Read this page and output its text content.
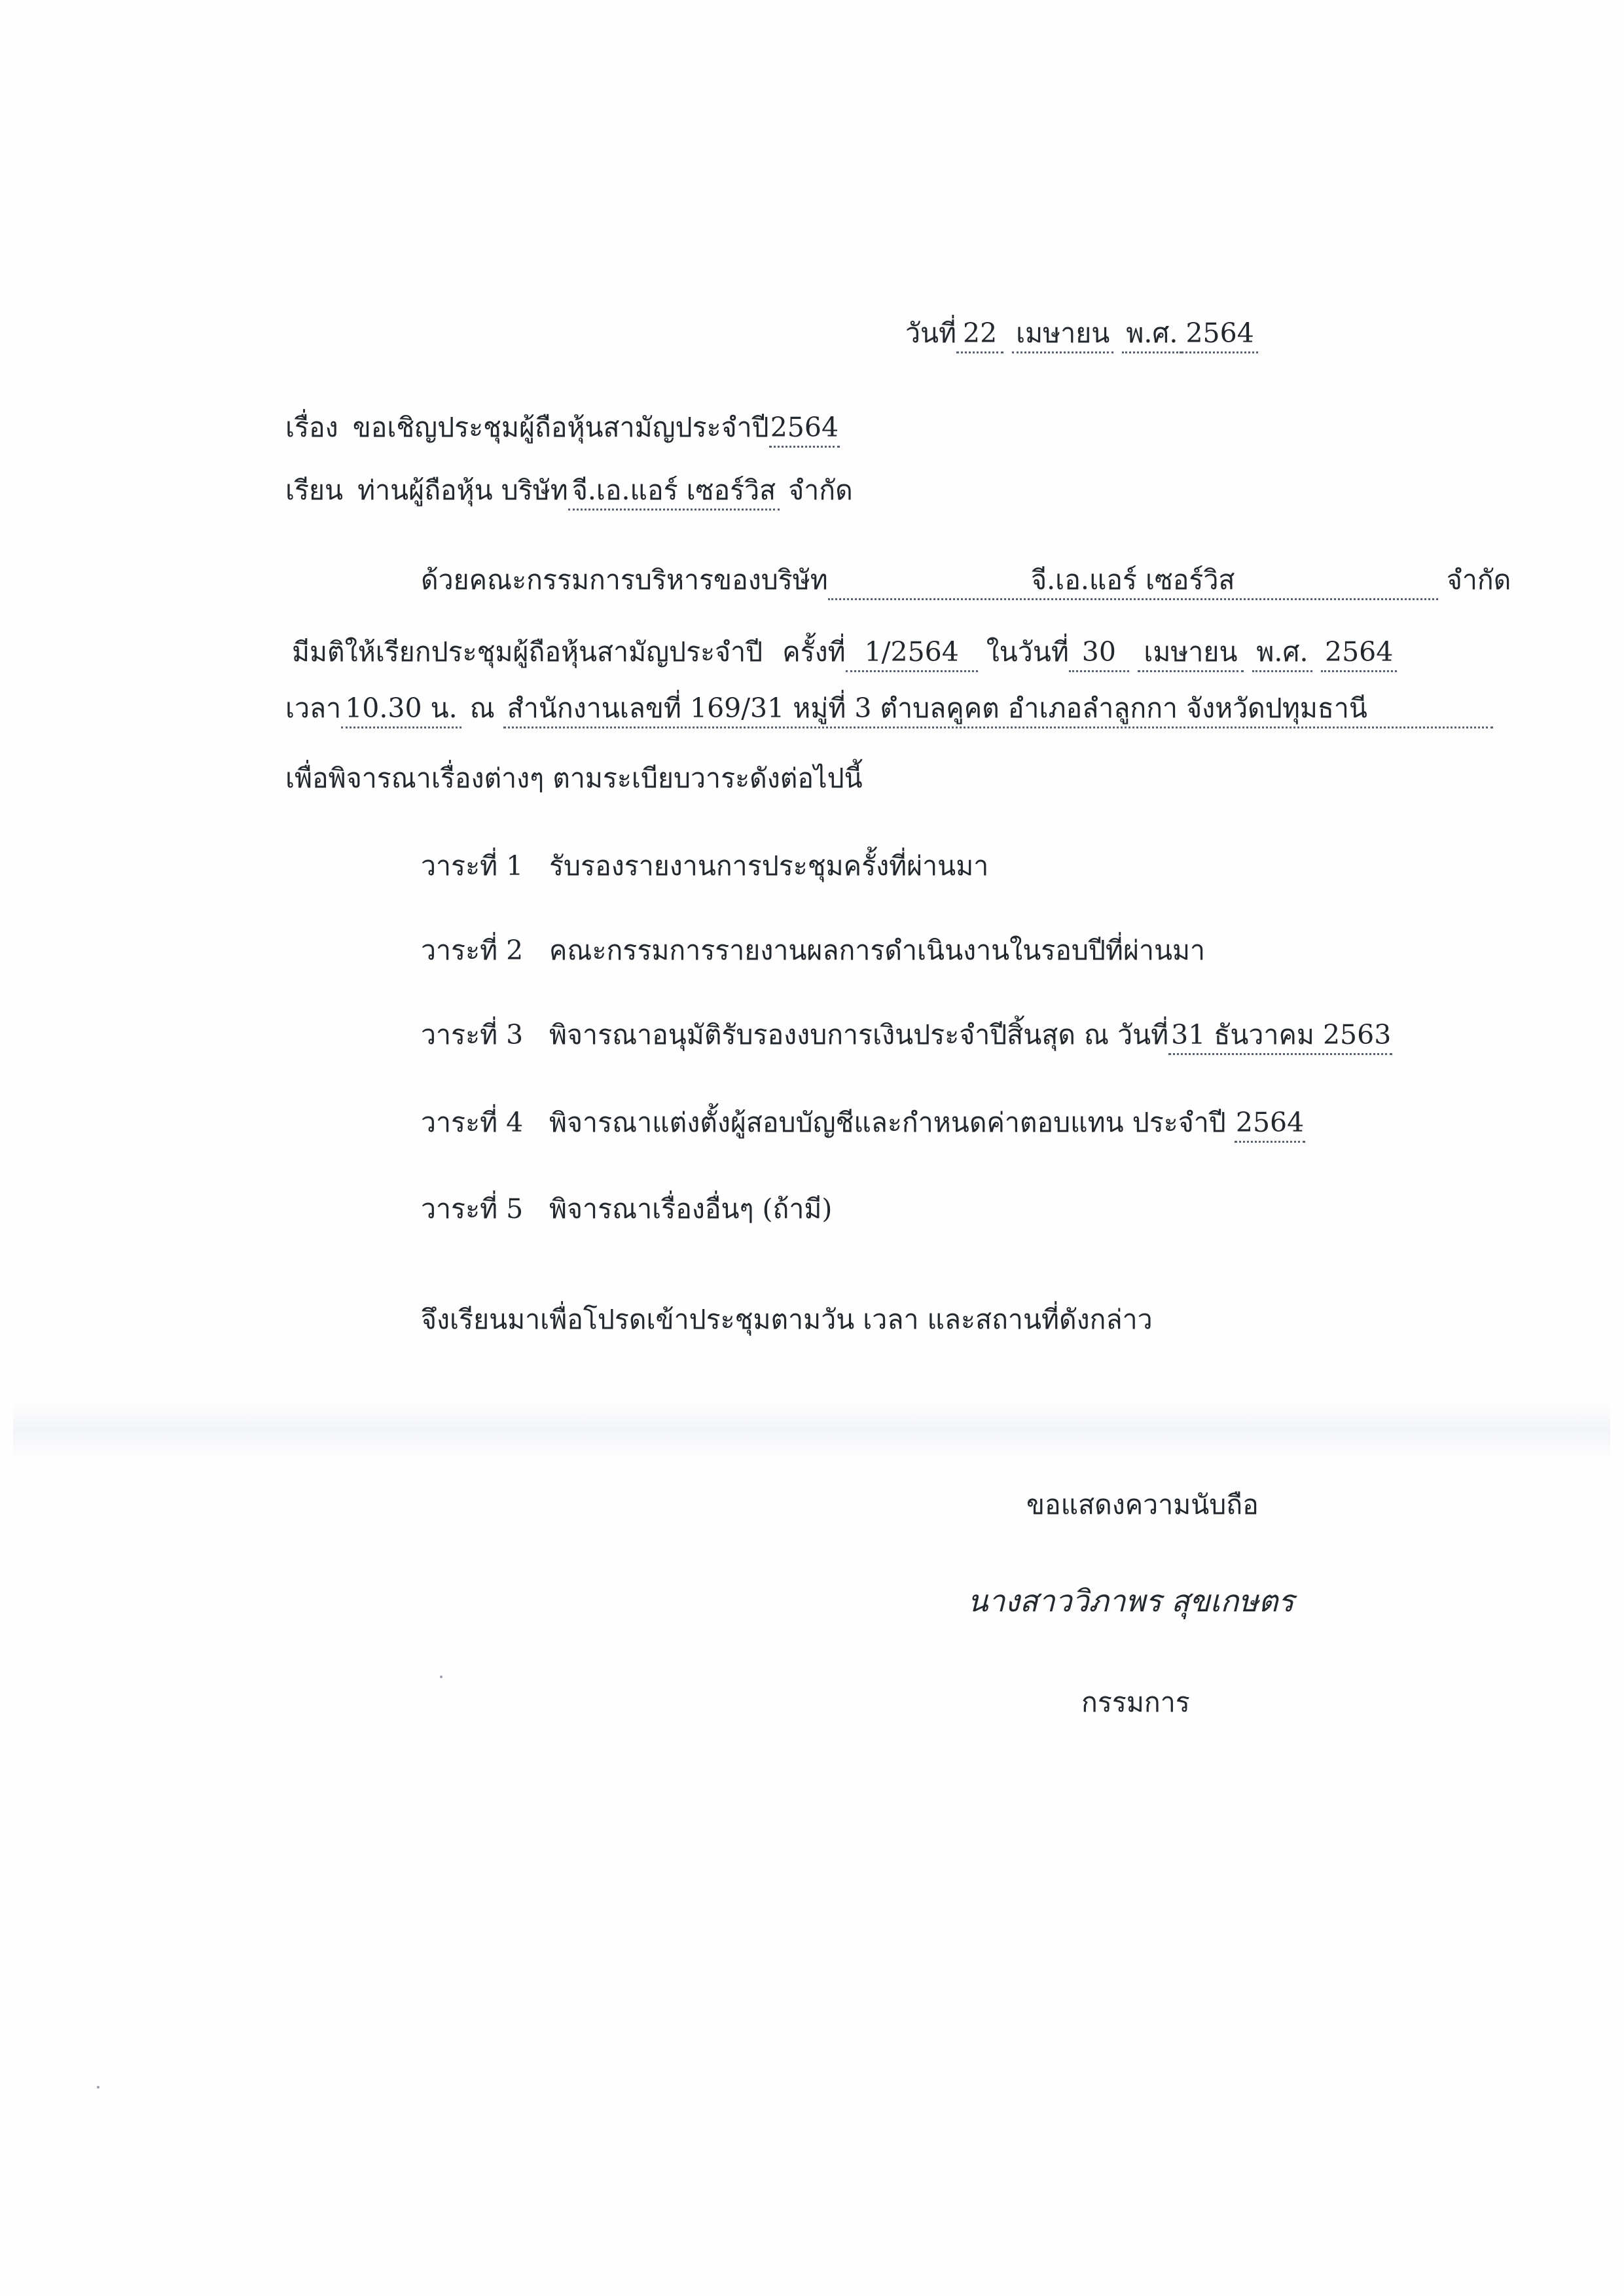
วันที่ 22 เมษายน พ.ศ. 2564
เรื่อง ขอเชิญประชุมผู้ถือหุ้นสามัญประจำปี2564
เรียน ท่านผู้ถือหุ้น บริษัท จี.เอ.แอร์ เซอร์วิส จำกัด
ด้วยคณะกรรมการบริหารของบริษัท	จี.เอ.แอร์ เซอร์วิส	จำกัด
มีมติให้เรียกประชุมผู้ถือหุ้นสามัญประจำปี ครั้งที่ 1/2564 ในวันที่ 30 เมษายน พ.ศ. 2564
เวลา 10.30 น. ณ สำนักงานเลขที่ 169/31 หมู่ที่ 3 ตำบลคูคต อำเภอลำลูกกา จังหวัดปทุมธานี
เพื่อพิจารณาเรื่องต่างๆ ตามระเบียบวาระดังต่อไปนี้
วาระที่ 1 รับรองรายงานการประชุมครั้งที่ผ่านมา
วาระที่ 2 คณะกรรมการรายงานผลการดำเนินงานในรอบปีที่ผ่านมา
วาระที่ 3 พิจารณาอนุมัติรับรองงบการเงินประจำปีสิ้นสุด ณ วันที่31 ธันวาคม 2563
วาระที่ 4 พิจารณาแต่งตั้งผู้สอบบัญชีและกำหนดค่าตอบแทน ประจำปี 2564
วาระที่ 5 พิจารณาเรื่องอื่นๆ (ถ้ามี)
จึงเรียนมาเพื่อโปรดเข้าประชุมตามวัน เวลา และสถานที่ดังกล่าว
ขอแสดงความนับถือ
นางสาววิภาพร สุขเกษตร
กรรมการ
